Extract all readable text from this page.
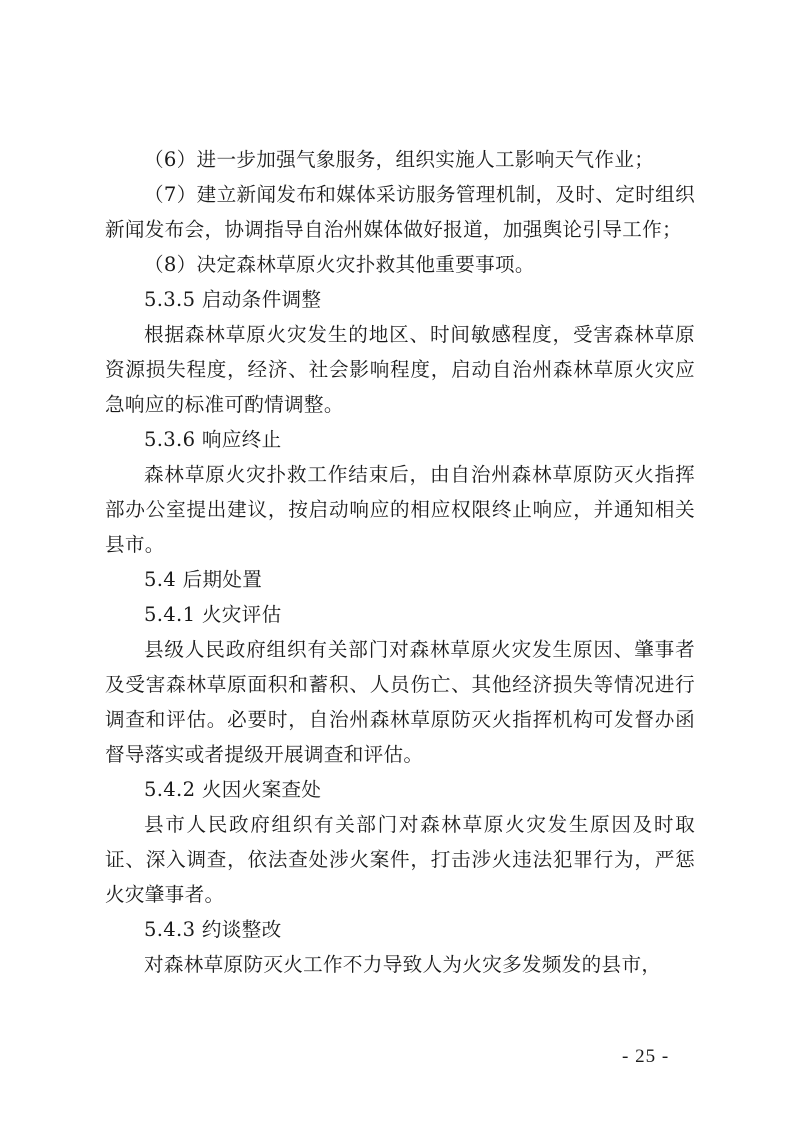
（6）进一步加强气象服务，组织实施人工影响天气作业；

（7）建立新闻发布和媒体采访服务管理机制，及时、定时组织新闻发布会，协调指导自治州媒体做好报道，加强舆论引导工作；

（8）决定森林草原火灾扑救其他重要事项。

5.3.5 启动条件调整

根据森林草原火灾发生的地区、时间敏感程度，受害森林草原资源损失程度，经济、社会影响程度，启动自治州森林草原火灾应急响应的标准可酌情调整。

5.3.6 响应终止

森林草原火灾扑救工作结束后，由自治州森林草原防灭火指挥部办公室提出建议，按启动响应的相应权限终止响应，并通知相关县市。

5.4 后期处置

5.4.1 火灾评估

县级人民政府组织有关部门对森林草原火灾发生原因、肇事者及受害森林草原面积和蓄积、人员伤亡、其他经济损失等情况进行调查和评估。必要时，自治州森林草原防灭火指挥机构可发督办函督导落实或者提级开展调查和评估。

5.4.2 火因火案查处

县市人民政府组织有关部门对森林草原火灾发生原因及时取证、深入调查，依法查处涉火案件，打击涉火违法犯罪行为，严惩火灾肇事者。

5.4.3 约谈整改

对森林草原防灭火工作不力导致人为火灾多发频发的县市，

- 25 -
